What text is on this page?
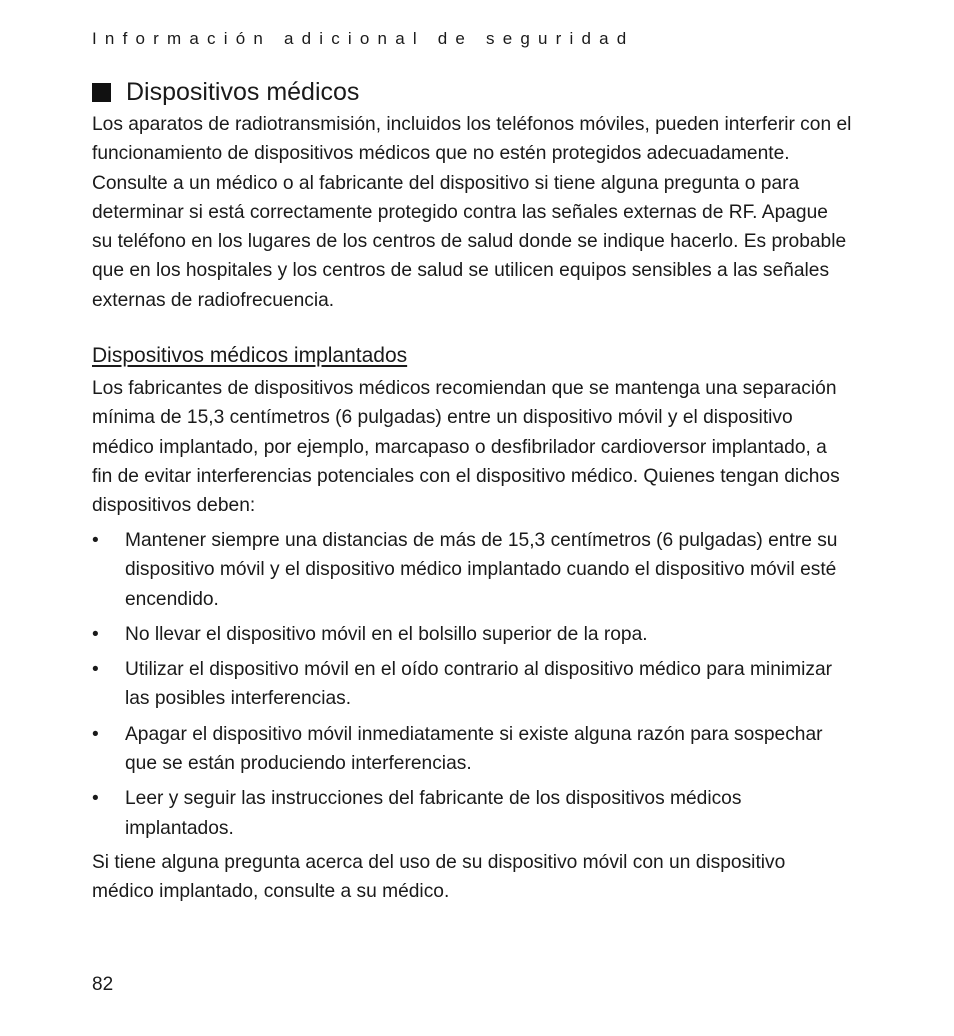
Información adicional de seguridad
Dispositivos médicos

Los aparatos de radiotransmisión, incluidos los teléfonos móviles, pueden interferir con el funcionamiento de dispositivos médicos que no estén protegidos adecuadamente. Consulte a un médico o al fabricante del dispositivo si tiene alguna pregunta o para determinar si está correctamente protegido contra las señales externas de RF. Apague su teléfono en los lugares de los centros de salud donde se indique hacerlo. Es probable que en los hospitales y los centros de salud se utilicen equipos sensibles a las señales externas de radiofrecuencia.

Dispositivos médicos implantados

Los fabricantes de dispositivos médicos recomiendan que se mantenga una separación mínima de 15,3 centímetros (6 pulgadas) entre un dispositivo móvil y el dispositivo médico implantado, por ejemplo, marcapaso o desfibrilador cardioversor implantado, a fin de evitar interferencias potenciales con el dispositivo médico. Quienes tengan dichos dispositivos deben:

• Mantener siempre una distancias de más de 15,3 centímetros (6 pulgadas) entre su dispositivo móvil y el dispositivo médico implantado cuando el dispositivo móvil esté encendido.
• No llevar el dispositivo móvil en el bolsillo superior de la ropa.
• Utilizar el dispositivo móvil en el oído contrario al dispositivo médico para minimizar las posibles interferencias.
• Apagar el dispositivo móvil inmediatamente si existe alguna razón para sospechar que se están produciendo interferencias.
• Leer y seguir las instrucciones del fabricante de los dispositivos médicos implantados.

Si tiene alguna pregunta acerca del uso de su dispositivo móvil con un dispositivo médico implantado, consulte a su médico.

82
